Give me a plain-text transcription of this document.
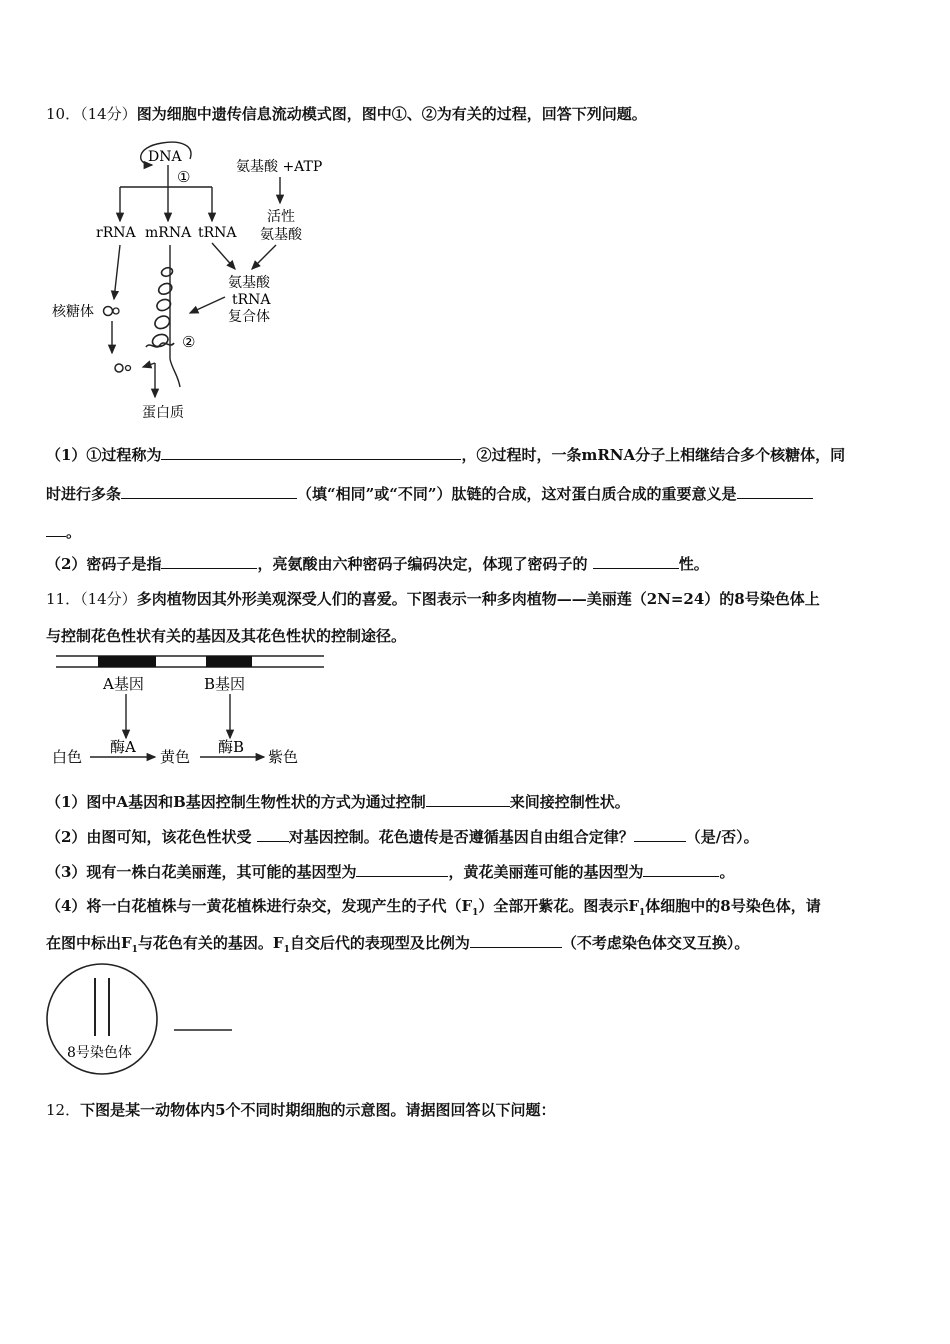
10．（14分）图为细胞中遗传信息流动模式图，图中①、②为有关的过程，回答下列问题。
DNA
①
rRNA mRNA tRNA
氨基酸 +ATP
活性
氨基酸
氨基酸
tRNA
复合体
②
核糖体
蛋白质
（1）①过程称为	，②过程时，一条mRNA分子上相继结合多个核糖体，同
时进行多条	（填“相同”或“不同”）肽链的合成，这对蛋白质合成的重要意义是
。
（2）密码子是指	，亮氨酸由六种密码子编码决定，体现了密码子的	性。
11．（14分）多肉植物因其外形美观深受人们的喜爱。下图表示一种多肉植物——美丽莲（2N=24）的8号染色体上
与控制花色性状有关的基因及其花色性状的控制途径。
A基因	B基因
白色
酶A
黄色
酶B
紫色
（1）图中A基因和B基因控制生物性状的方式为通过控制	来间接控制性状。
（2）由图可知，该花色性状受 对基因控制。花色遗传是否遵循基因自由组合定律？	（是/否）。
（3）现有一株白花美丽莲，其可能的基因型为	，黄花美丽莲可能的基因型为	。
（4）将一白花植株与一黄花植株进行杂交，发现产生的子代$(F_1)$全部开紫花。图表示$F_1$体细胞中的8号染色体，请
在图中标出$F_1$与花色有关的基因。$F_1$自交后代的表现型及比例为	（不考虑染色体交叉互换）。
8号染色体
12．下图是某一动物体内5个不同时期细胞的示意图。请据图回答以下问题：
